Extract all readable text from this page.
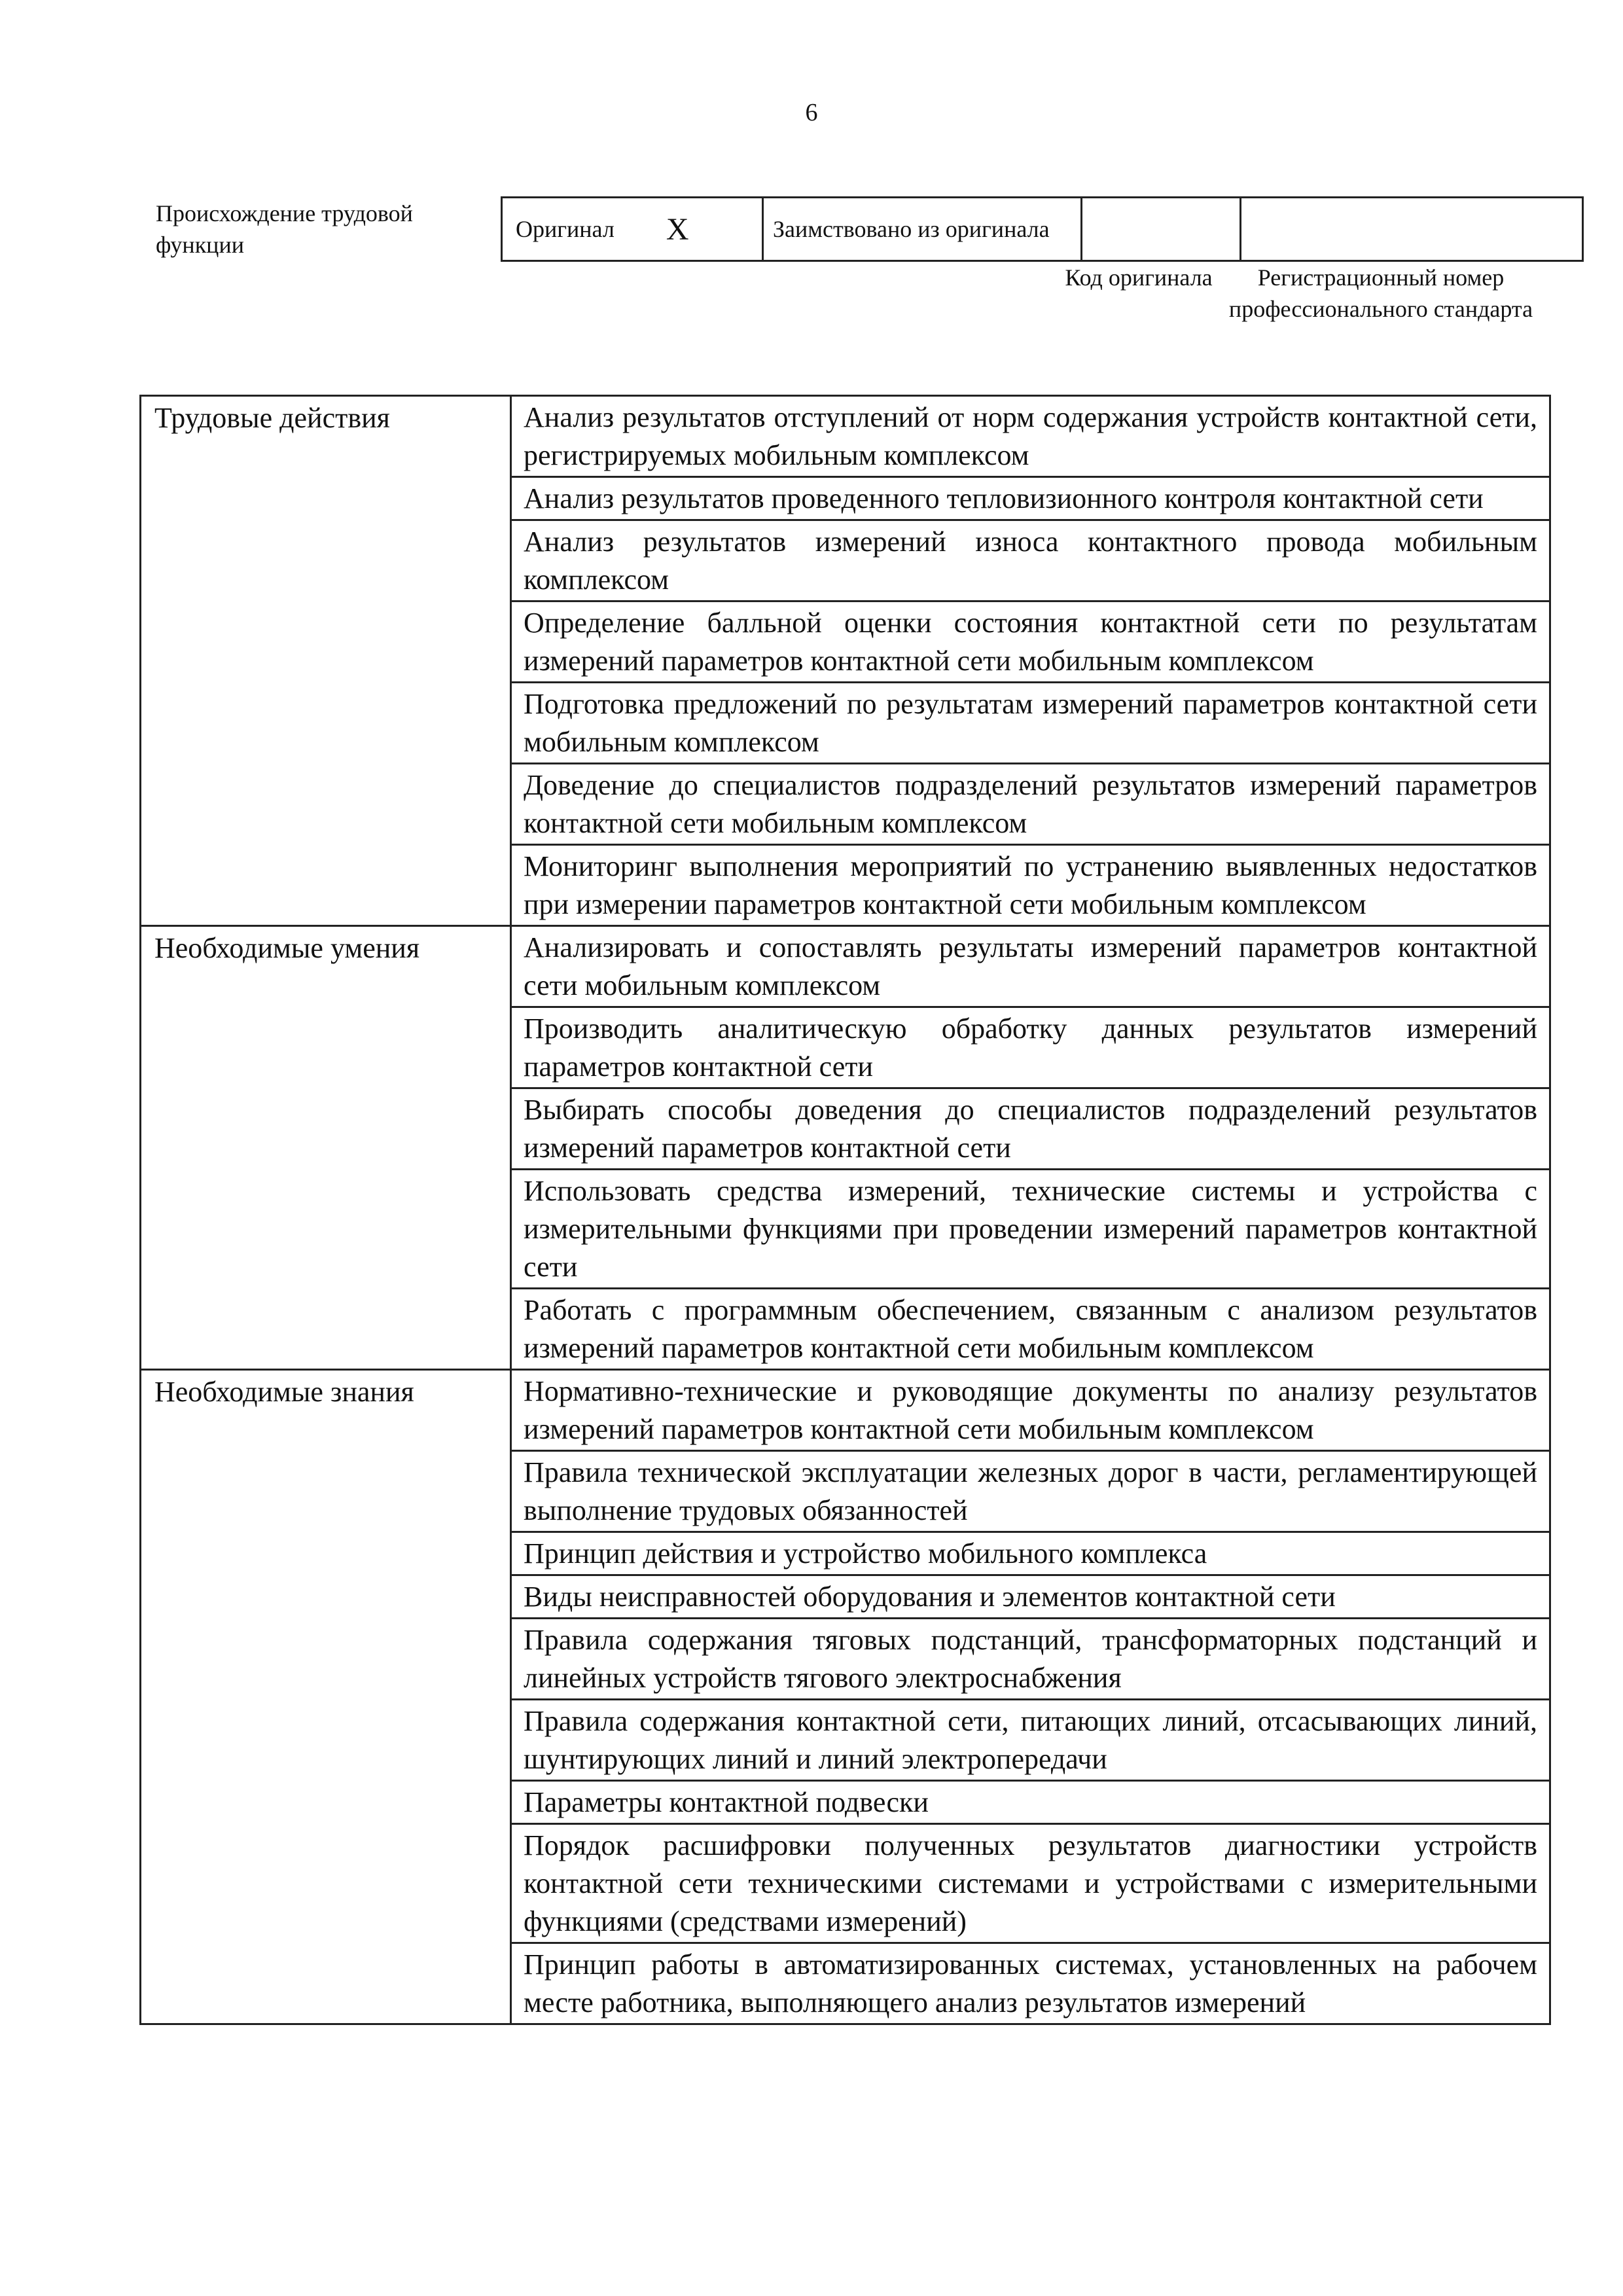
6
Происхождение трудовой функции
Оригинал X	Заимствовано из оригинала		
Код оригинала	Регистрационный номер профессионального стандарта
Трудовые действия	Анализ результатов отступлений от норм содержания устройств контактной сети, регистрируемых мобильным комплексом
	Анализ результатов проведенного тепловизионного контроля контактной сети
	Анализ результатов измерений износа контактного провода мобильным комплексом
	Определение балльной оценки состояния контактной сети по результатам измерений параметров контактной сети мобильным комплексом
	Подготовка предложений по результатам измерений параметров контактной сети мобильным комплексом
	Доведение до специалистов подразделений результатов измерений параметров контактной сети мобильным комплексом
	Мониторинг выполнения мероприятий по устранению выявленных недостатков при измерении параметров контактной сети мобильным комплексом
Необходимые умения	Анализировать и сопоставлять результаты измерений параметров контактной сети мобильным комплексом
	Производить аналитическую обработку данных результатов измерений параметров контактной сети
	Выбирать способы доведения до специалистов подразделений результатов измерений параметров контактной сети
	Использовать средства измерений, технические системы и устройства с измерительными функциями при проведении измерений параметров контактной сети
	Работать с программным обеспечением, связанным с анализом результатов измерений параметров контактной сети мобильным комплексом
Необходимые знания	Нормативно-технические и руководящие документы по анализу результатов измерений параметров контактной сети мобильным комплексом
	Правила технической эксплуатации железных дорог в части, регламентирующей выполнение трудовых обязанностей
	Принцип действия и устройство мобильного комплекса
	Виды неисправностей оборудования и элементов контактной сети
	Правила содержания тяговых подстанций, трансформаторных подстанций и линейных устройств тягового электроснабжения
	Правила содержания контактной сети, питающих линий, отсасывающих линий, шунтирующих линий и линий электропередачи
	Параметры контактной подвески
	Порядок расшифровки полученных результатов диагностики устройств контактной сети техническими системами и устройствами с измерительными функциями (средствами измерений)
	Принцип работы в автоматизированных системах, установленных на рабочем месте работника, выполняющего анализ результатов измерений
